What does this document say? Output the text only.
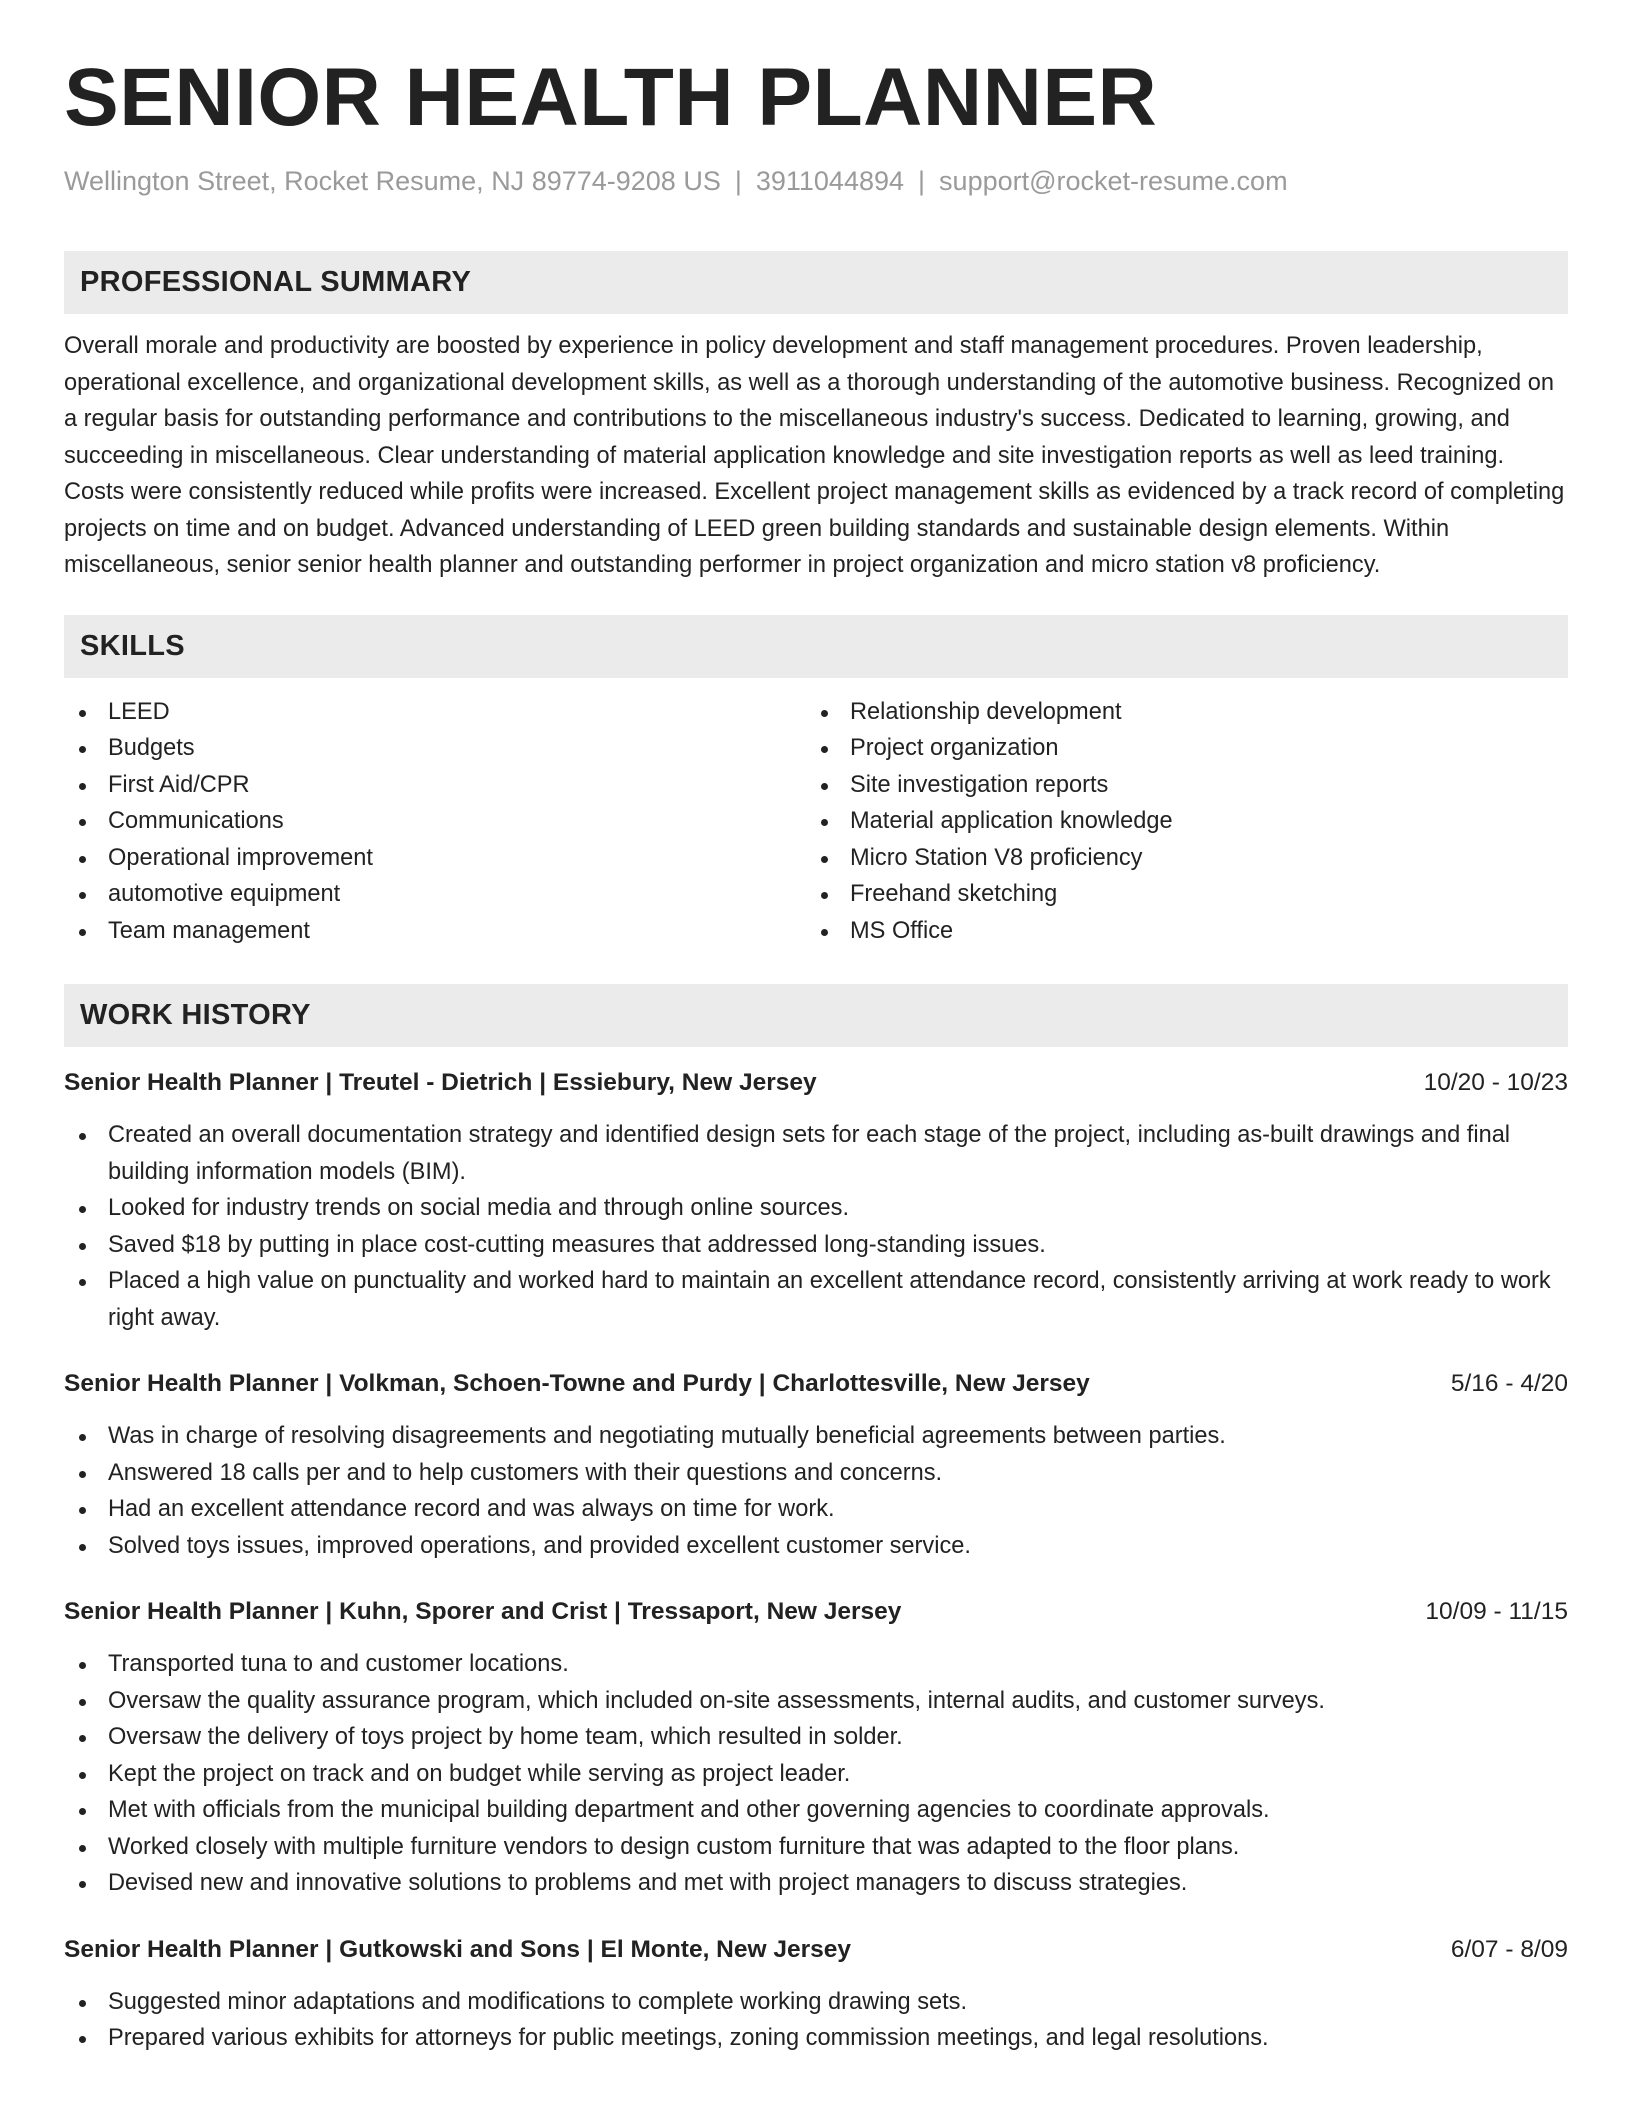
SENIOR HEALTH PLANNER
Wellington Street, Rocket Resume, NJ 89774-9208 US | 3911044894 | support@rocket-resume.com
PROFESSIONAL SUMMARY

Overall morale and productivity are boosted by experience in policy development and staff management procedures. Proven leadership, operational excellence, and organizational development skills, as well as a thorough understanding of the automotive business. Recognized on a regular basis for outstanding performance and contributions to the miscellaneous industry's success. Dedicated to learning, growing, and succeeding in miscellaneous. Clear understanding of material application knowledge and site investigation reports as well as leed training. Costs were consistently reduced while profits were increased. Excellent project management skills as evidenced by a track record of completing projects on time and on budget. Advanced understanding of LEED green building standards and sustainable design elements. Within miscellaneous, senior senior health planner and outstanding performer in project organization and micro station v8 proficiency.

SKILLS
LEED
Budgets
First Aid/CPR
Communications
Operational improvement
automotive equipment
Team management
Relationship development
Project organization
Site investigation reports
Material application knowledge
Micro Station V8 proficiency
Freehand sketching
MS Office
WORK HISTORY
Senior Health Planner | Treutel - Dietrich | Essiebury, New Jersey	10/20 - 10/23
Created an overall documentation strategy and identified design sets for each stage of the project, including as-built drawings and final building information models (BIM).
Looked for industry trends on social media and through online sources.
Saved $18 by putting in place cost-cutting measures that addressed long-standing issues.
Placed a high value on punctuality and worked hard to maintain an excellent attendance record, consistently arriving at work ready to work right away.
Senior Health Planner | Volkman, Schoen-Towne and Purdy | Charlottesville, New Jersey	5/16 - 4/20
Was in charge of resolving disagreements and negotiating mutually beneficial agreements between parties.
Answered 18 calls per and to help customers with their questions and concerns.
Had an excellent attendance record and was always on time for work.
Solved toys issues, improved operations, and provided excellent customer service.
Senior Health Planner | Kuhn, Sporer and Crist | Tressaport, New Jersey	10/09 - 11/15
Transported tuna to and customer locations.
Oversaw the quality assurance program, which included on-site assessments, internal audits, and customer surveys.
Oversaw the delivery of toys project by home team, which resulted in solder.
Kept the project on track and on budget while serving as project leader.
Met with officials from the municipal building department and other governing agencies to coordinate approvals.
Worked closely with multiple furniture vendors to design custom furniture that was adapted to the floor plans.
Devised new and innovative solutions to problems and met with project managers to discuss strategies.
Senior Health Planner | Gutkowski and Sons | El Monte, New Jersey	6/07 - 8/09
Suggested minor adaptations and modifications to complete working drawing sets.
Prepared various exhibits for attorneys for public meetings, zoning commission meetings, and legal resolutions.
